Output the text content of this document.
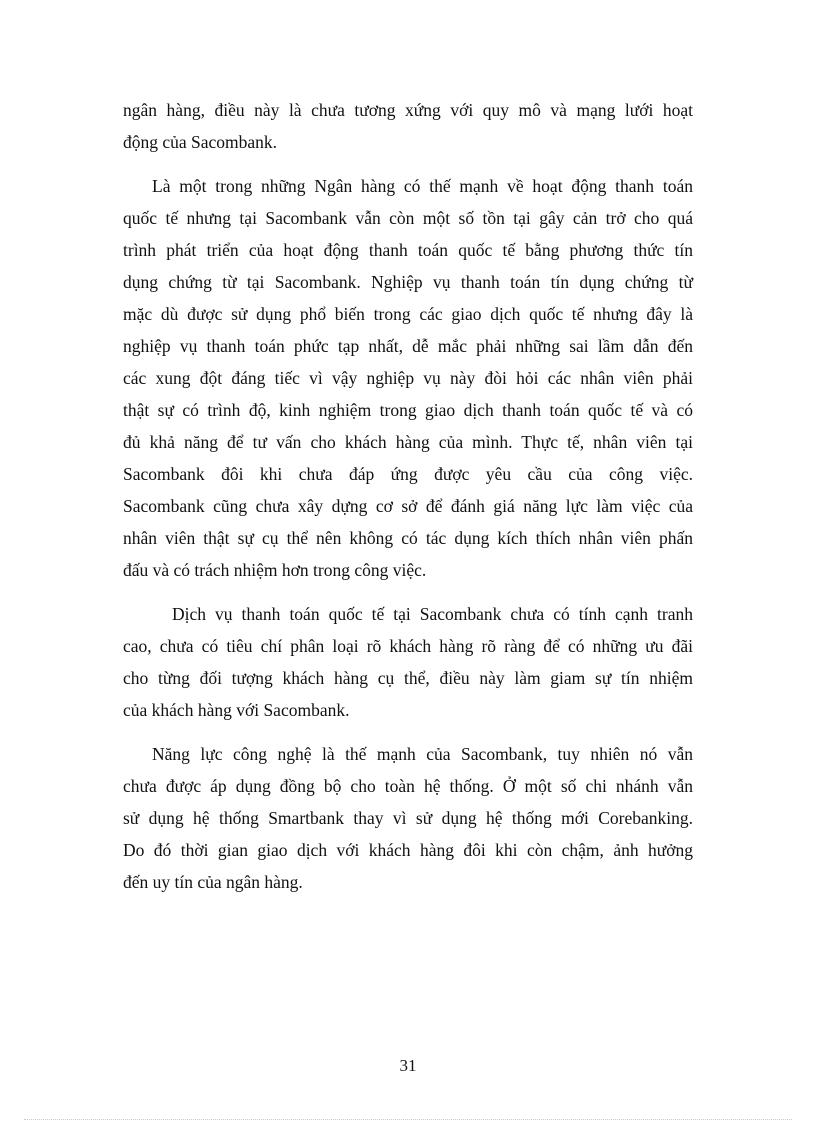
ngân hàng, điều này là chưa tương xứng với quy mô và mạng lưới hoạt
động của Sacombank.
Là một trong những Ngân hàng có thế mạnh về hoạt động thanh toán
quốc tế nhưng tại Sacombank vẫn còn một số tồn tại gây cản trở cho quá
trình phát triển của hoạt động thanh toán quốc tế bằng phương thức tín
dụng chứng từ tại Sacombank. Nghiệp vụ thanh toán tín dụng chứng từ
mặc dù được sử dụng phổ biến trong các giao dịch quốc tế nhưng đây là
nghiệp vụ thanh toán phức tạp nhất, dễ mắc phải những sai lầm dẫn đến
các xung đột đáng tiếc vì vậy nghiệp vụ này đòi hỏi các nhân viên phải
thật sự có trình độ, kinh nghiệm trong giao dịch thanh toán quốc tế và có
đủ khả năng để tư vấn cho khách hàng của mình. Thực tế, nhân viên tại
Sacombank đôi khi chưa đáp ứng được yêu cầu của công việc.
Sacombank cũng chưa xây dựng cơ sở để đánh giá năng lực làm việc của
nhân viên thật sự cụ thể nên không có tác dụng kích thích nhân viên phấn
đấu và có trách nhiệm hơn trong công việc.
Dịch vụ thanh toán quốc tế tại Sacombank chưa có tính cạnh tranh
cao, chưa có tiêu chí phân loại rõ khách hàng rõ ràng để có những ưu đãi
cho từng đối tượng khách hàng cụ thể, điều này làm giam sự tín nhiệm
của khách hàng với Sacombank.
Năng lực công nghệ là thế mạnh của Sacombank, tuy nhiên nó vẫn
chưa được áp dụng đồng bộ cho toàn hệ thống. Ở một số chi nhánh vẫn
sử dụng hệ thống Smartbank thay vì sử dụng hệ thống mới Corebanking.
Do đó thời gian giao dịch với khách hàng đôi khi còn chậm, ảnh hưởng
đến uy tín của ngân hàng.
31
